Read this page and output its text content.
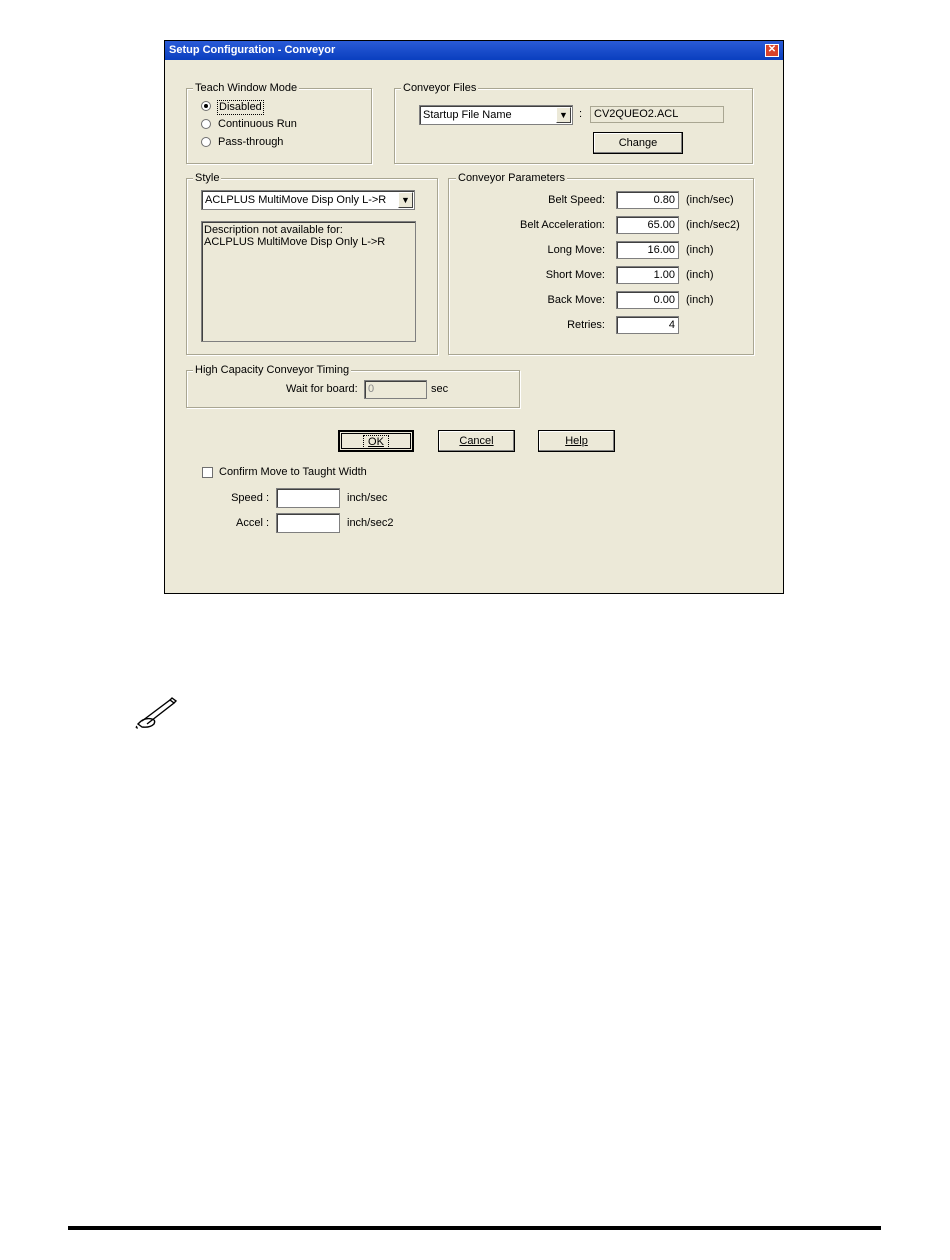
Setup Configuration - Conveyor	✕
Teach Window Mode
Disabled
Continuous Run
Pass-through
Conveyor Files
Startup File Name	▼ :	CV2QUEO2.ACL
Change
Style
ACLPLUS MultiMove Disp Only L->R	▼
Description not available for:
ACLPLUS MultiMove Disp Only L->R
Conveyor Parameters
Belt Speed:	0.80	(inch/sec)
Belt Acceleration:	65.00	(inch/sec2)
Long Move:	16.00	(inch)
Short Move:	1.00	(inch)
Back Move:	0.00	(inch)
Retries:	4
High Capacity Conveyor Timing
Wait for board: 0	sec
OK	Cancel	Help
Confirm Move to Taught Width
Speed :	inch/sec
Accel :	inch/sec2
